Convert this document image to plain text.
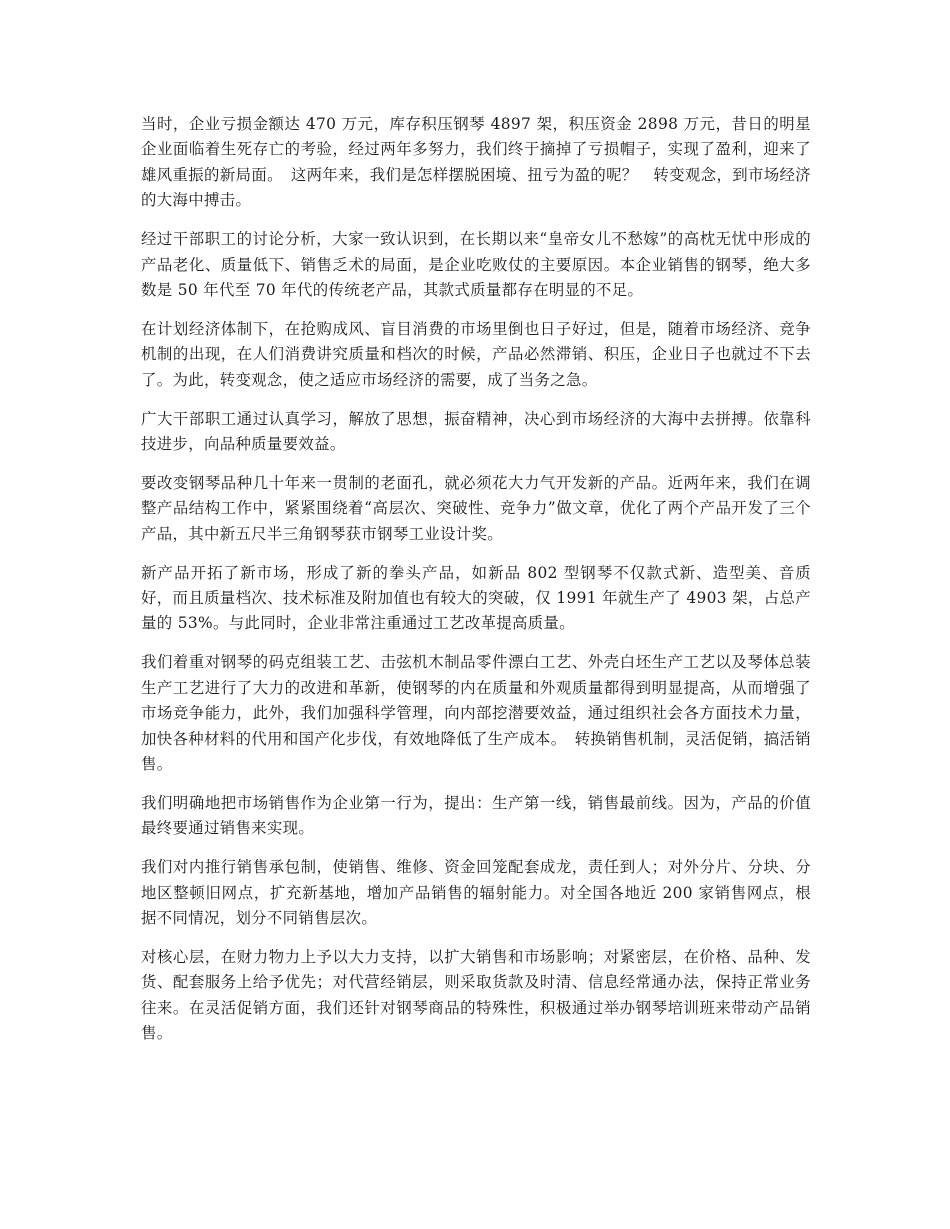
当时，企业亏损金额达 470 万元，库存积压钢琴 4897 架，积压资金 2898 万元，昔日的明星企业面临着生死存亡的考验，经过两年多努力，我们终于摘掉了亏损帽子，实现了盈利，迎来了雄风重振的新局面。　这两年来，我们是怎样摆脱困境、扭亏为盈的呢？　转变观念，到市场经济的大海中搏击。

经过干部职工的讨论分析，大家一致认识到，在长期以来“皇帝女儿不愁嫁”的高枕无忧中形成的产品老化、质量低下、销售乏术的局面，是企业吃败仗的主要原因。本企业销售的钢琴，绝大多数是 50 年代至 70 年代的传统老产品，其款式质量都存在明显的不足。

在计划经济体制下，在抢购成风、盲目消费的市场里倒也日子好过，但是，随着市场经济、竞争机制的出现，在人们消费讲究质量和档次的时候，产品必然滞销、积压，企业日子也就过不下去了。为此，转变观念，使之适应市场经济的需要，成了当务之急。

广大干部职工通过认真学习，解放了思想，振奋精神，决心到市场经济的大海中去拼搏。依靠科技进步，向品种质量要效益。

要改变钢琴品种几十年来一贯制的老面孔，就必须花大力气开发新的产品。近两年来，我们在调整产品结构工作中，紧紧围绕着“高层次、突破性、竞争力”做文章，优化了两个产品开发了三个产品，其中新五尺半三角钢琴获市钢琴工业设计奖。

新产品开拓了新市场，形成了新的拳头产品，如新品 802 型钢琴不仅款式新、造型美、音质好，而且质量档次、技术标准及附加值也有较大的突破，仅 1991 年就生产了 4903 架，占总产量的 53%。与此同时，企业非常注重通过工艺改革提高质量。

我们着重对钢琴的码克组装工艺、击弦机木制品零件漂白工艺、外壳白坯生产工艺以及琴体总装生产工艺进行了大力的改进和革新，使钢琴的内在质量和外观质量都得到明显提高，从而增强了市场竞争能力，此外，我们加强科学管理，向内部挖潜要效益，通过组织社会各方面技术力量，加快各种材料的代用和国产化步伐，有效地降低了生产成本。　转换销售机制，灵活促销，搞活销售。

我们明确地把市场销售作为企业第一行为，提出：生产第一线，销售最前线。因为，产品的价值最终要通过销售来实现。

我们对内推行销售承包制，使销售、维修、资金回笼配套成龙，责任到人；对外分片、分块、分地区整顿旧网点，扩充新基地，增加产品销售的辐射能力。对全国各地近 200 家销售网点，根据不同情况，划分不同销售层次。

对核心层，在财力物力上予以大力支持，以扩大销售和市场影响；对紧密层，在价格、品种、发货、配套服务上给予优先；对代营经销层，则采取货款及时清、信息经常通办法，保持正常业务往来。在灵活促销方面，我们还针对钢琴商品的特殊性，积极通过举办钢琴培训班来带动产品销售。
